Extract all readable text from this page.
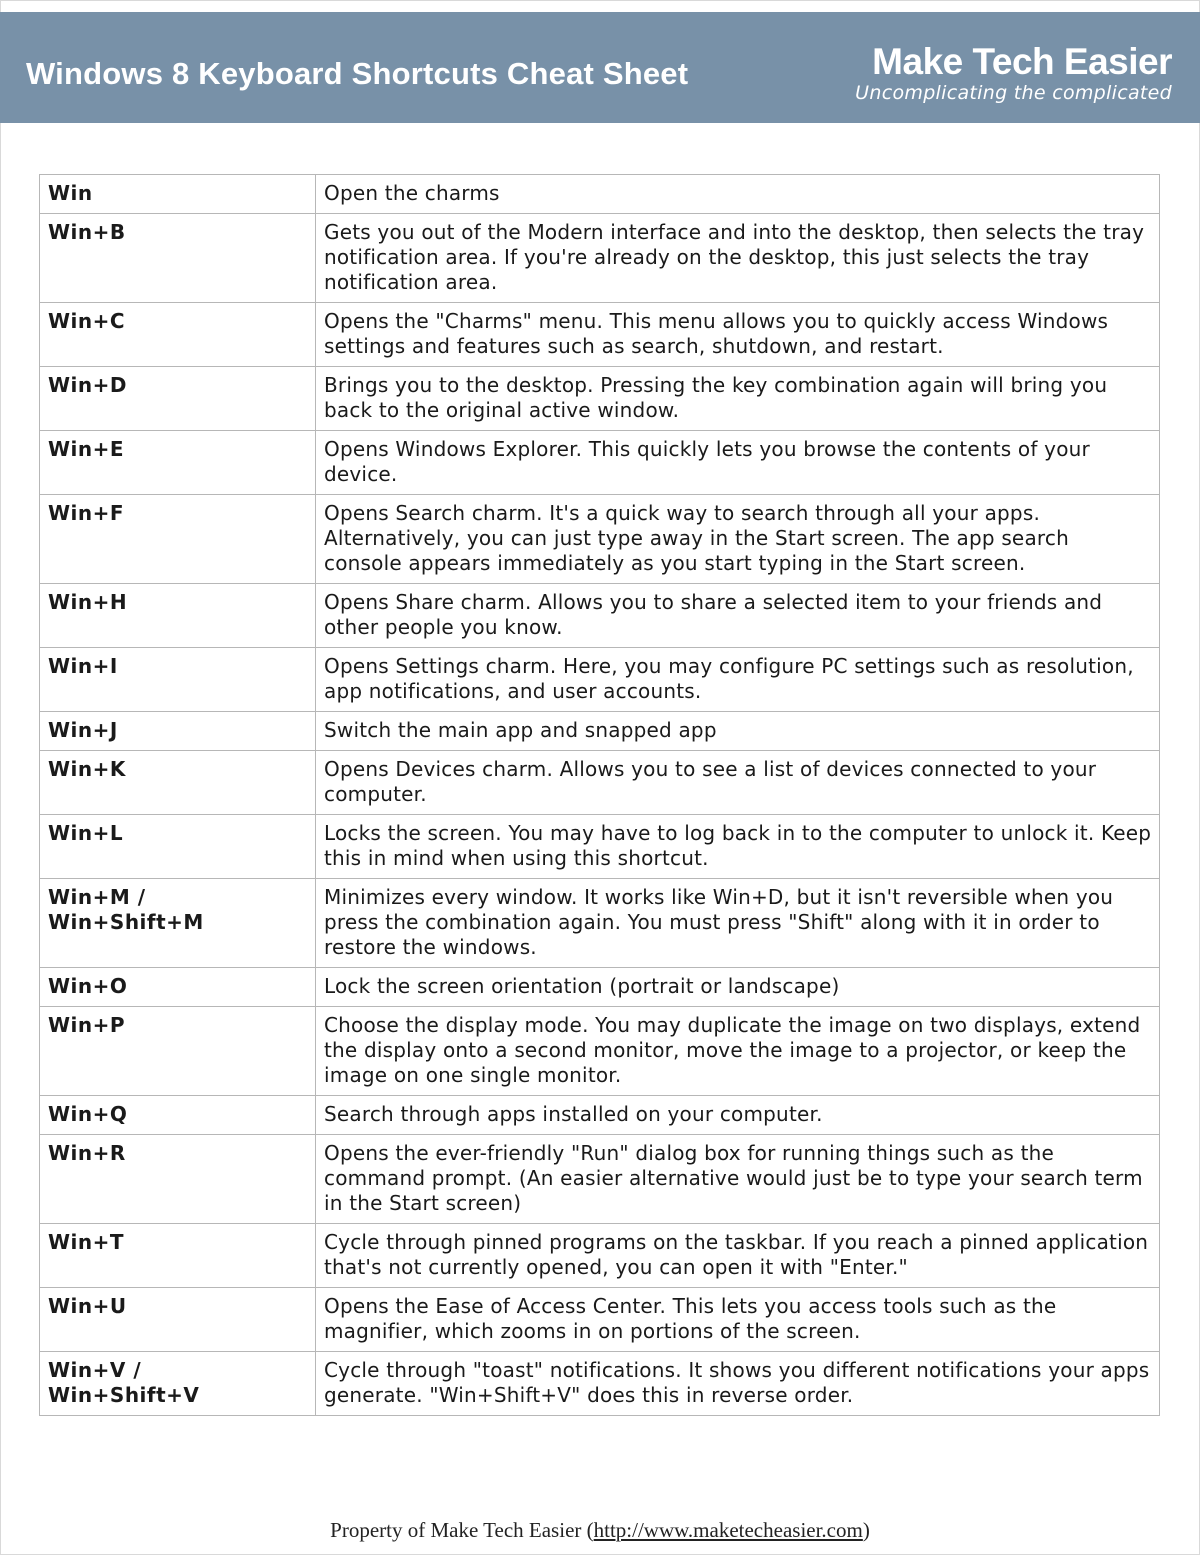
Windows 8 Keyboard Shortcuts Cheat Sheet	Make Tech Easier
Uncomplicating the complicated
Win	Open the charms
Win+B	Gets you out of the Modern interface and into the desktop, then selects the tray notification area. If you're already on the desktop, this just selects the tray notification area.
Win+C	Opens the "Charms" menu. This menu allows you to quickly access Windows settings and features such as search, shutdown, and restart.
Win+D	Brings you to the desktop. Pressing the key combination again will bring you back to the original active window.
Win+E	Opens Windows Explorer. This quickly lets you browse the contents of your device.
Win+F	Opens Search charm. It's a quick way to search through all your apps. Alternatively, you can just type away in the Start screen. The app search console appears immediately as you start typing in the Start screen.
Win+H	Opens Share charm. Allows you to share a selected item to your friends and other people you know.
Win+I	Opens Settings charm. Here, you may configure PC settings such as resolution, app notifications, and user accounts.
Win+J	Switch the main app and snapped app
Win+K	Opens Devices charm. Allows you to see a list of devices connected to your computer.
Win+L	Locks the screen. You may have to log back in to the computer to unlock it. Keep this in mind when using this shortcut.
Win+M /Win+Shift+M	Minimizes every window. It works like Win+D, but it isn't reversible when you press the combination again. You must press "Shift" along with it in order to restore the windows.
Win+O	Lock the screen orientation (portrait or landscape)
Win+P	Choose the display mode. You may duplicate the image on two displays, extend the display onto a second monitor, move the image to a projector, or keep the image on one single monitor.
Win+Q	Search through apps installed on your computer.
Win+R	Opens the ever-friendly "Run" dialog box for running things such as the command prompt. (An easier alternative would just be to type your search term in the Start screen)
Win+T	Cycle through pinned programs on the taskbar. If you reach a pinned application that's not currently opened, you can open it with "Enter."
Win+U	Opens the Ease of Access Center. This lets you access tools such as the magnifier, which zooms in on portions of the screen.
Win+V /Win+Shift+V	Cycle through "toast" notifications. It shows you different notifications your apps generate. "Win+Shift+V" does this in reverse order.
Property of Make Tech Easier (http://www.maketecheasier.com)
